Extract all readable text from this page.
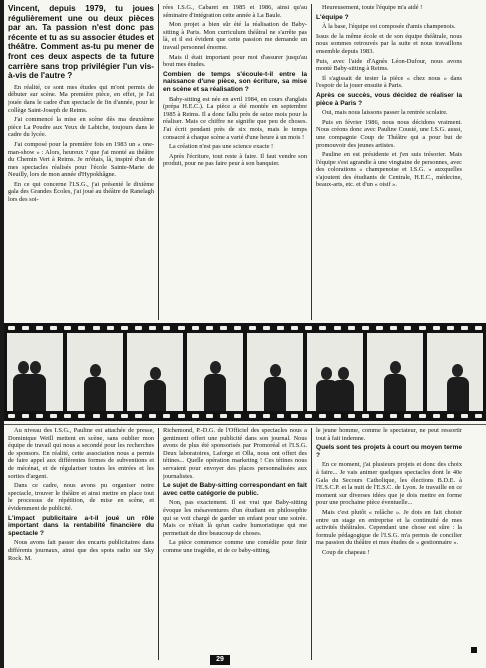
Vincent, depuis 1979, tu joues régulièrement une ou deux pièces par an. Ta passion n'est donc pas récente et tu as su associer études et théâtre. Comment as-tu pu mener de front ces deux aspects de ta future carrière sans trop privilégier l'un vis-à-vis de l'autre ?

En réalité, ce sont mes études qui m'ont permis de débuter sur scène. Ma première pièce, en effet, je l'ai jouée dans le cadre d'un spectacle de fin d'année, pour le collège Saint-Joseph de Reims.

J'ai commencé la mise en scène dès ma deuxième pièce La Poudre aux Yeux de Labiche, toujours dans le cadre du lycée.

J'ai composé pour la première fois en 1983 un « one-man-show » : Alors, heureux ? que j'ai monté au théâtre du Chemin Vert à Reims. Je m'étais, là, inspiré d'un de mes spectacles réalisés pour l'école Sainte-Marie de Neuilly, lors de mon année d'Hypokhâgne.

En ce qui concerne l'I.S.G., j'ai présenté le dixième gala des Grandes Écoles, j'ai joué au théâtre de Ranelagh lors des soi-

rées I.S.G., Cabaret en 1985 et 1986, ainsi qu'au séminaire d'intégration cette année à La Baule.

Mon projet a bien sûr été la réalisation de Baby-sitting à Paris. Mon curriculum théâtral ne s'arrête pas là, et il est évident que cette passion me demande un travail personnel énorme.

Mais il était important pour moi d'assurer jusqu'au bout mes études.

Combien de temps s'écoule-t-il entre la naissance d'une pièce, son écriture, sa mise en scène et sa réalisation ?

Baby-sitting est née en avril 1984, en cours d'anglais (prépa H.E.C.). La pièce a été montée en septembre 1985 à Reims. Il a donc fallu près de seize mois pour la réaliser. Mais ce chiffre ne signifie que peu de choses. J'ai écrit pendant près de six mois, mais le temps consacré à chaque scène a varié d'une heure à un mois !

La création n'est pas une science exacte !

Après l'écriture, tout reste à faire. Il faut vendre son produit, pour ne pas faire peur à son banquier.

Heureusement, toute l'équipe m'a aidé !

L'équipe ?

À la base, l'équipe est composée d'amis champenois.

Issus de la même école et de son équipe théâtrale, nous nous sommes retrouvés par la suite et nous travaillons ensemble depuis 1983.

Puis, avec l'aide d'Agnès Léon-Dufour, nous avons monté Baby-sitting à Reims.

Il s'agissait de tester la pièce « chez nous » dans l'espoir de la jouer ensuite à Paris.

Après ce succès, vous décidez de réaliser la pièce à Paris ?

Oui, mais nous laissons passer la rentrée scolaire.

Puis en février 1986, nous nous décidons vraiment. Nous créons donc avec Pauline Cousté, une I.S.G. aussi, une compagnie Coup de Théâtre qui a pour but de promouvoir des jeunes artistes.

Pauline en est présidente et j'en suis trésorier. Mais l'équipe s'est agrandie à une vingtaine de personnes, avec des colorations « champenoise et I.S.G. » auxquelles s'ajoutent des étudiants de Centrale, H.E.C., médecine, beaux-arts, etc. et d'un « oisif ».

Au niveau des I.S.G., Pauline est attachée de presse, Dominique Weill mettent en scène, sans oublier mon équipe de travail qui nous a secondé pour les recherches de sponsors. En réalité, cette association nous a permis de faire appel aux différentes formes de subventions et de mécénat, et de régulariser toutes les entrées et les sorties d'argent.

Dans ce cadre, nous avons pu organiser notre spectacle, trouver le théâtre et ainsi mettre en place tout le processus de répétition, de mise en scène, et évidemment de publicité.

L'impact publicitaire a-t-il joué un rôle important dans la rentabilité financière du spectacle ?

Nous avons fait passer des encarts publicitaires dans différents journaux, ainsi que des spots radio sur Sky Rock. M.

Richemond, P.-D.G. de l'Officiel des spectacles nous a gentiment offert une publicité dans son journal. Nous avons de plus été sponsorisés par Promoréal et l'I.S.G. Deux laboratoires, Laforge et Olla, nous ont offert des tétines... Quelle opération marketing ! Ces tétines nous servaient pour envoyer des places personnalisées aux journalistes.

Le sujet de Baby-sitting correspondant en fait avec cette catégorie de public.

Non, pas exactement. Il est vrai que Baby-sitting évoque les mésaventures d'un étudiant en philosophie qui se voit chargé de garder un enfant pour une soirée. Mais ce n'était là qu'un cadre humoristique qui me permettait de dire beaucoup de choses.

La pièce commence comme une comédie pour finir comme une tragédie, et de ce baby-sitting,

le jeune homme, comme le spectateur, ne peut ressortir tout à fait indemne.

Quels sont tes projets à court ou moyen terme ?

En ce moment, j'ai plusieurs projets et donc des choix à faire... Je vais animer quelques spectacles dont le 40e Gala du Secours Catholique, les élections B.D.E. à l'E.S.C.P. et la nuit de l'E.S.C. de Lyon. Je travaille en ce moment sur diverses idées que je dois mettre en forme pour une prochaine pièce éventuelle...

Mais c'est plutôt « relâche ». Je dois en fait choisir entre un stage en entreprise et la continuité de mes activités théâtrales. Cependant une chose est sûre : la formule pédagogique de l'I.S.G. m'a permis de concilier ma passion du théâtre et mes études de « gestionnaire ».

Coup de chapeau !

29
